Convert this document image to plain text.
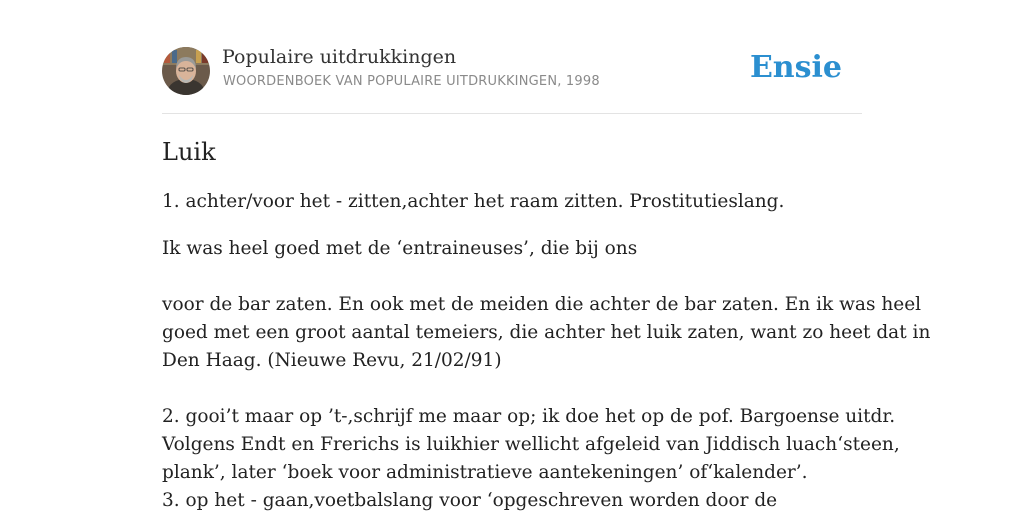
Populaire uitdrukkingen
WOORDENBOEK VAN POPULAIRE UITDRUKKINGEN, 1998	Ensie
Luik

1. achter/voor het - zitten,achter het raam zitten. Prostitutieslang.

Ik was heel goed met de ‘entraineuses’, die bij ons

voor de bar zaten. En ook met de meiden die achter de bar zaten. En ik was heel

goed met een groot aantal temeiers, die achter het luik zaten, want zo heet dat in

Den Haag. (Nieuwe Revu, 21/02/91)

2. gooi’t maar op ’t-,schrijf me maar op; ik doe het op de pof. Bargoense uitdr.

Volgens Endt en Frerichs is luikhier wellicht afgeleid van Jiddisch luach‘steen,

plank’, later ‘boek voor administratieve aantekeningen’ of‘kalender’.

3. op het - gaan,voetbalslang voor ‘opgeschreven worden door de
